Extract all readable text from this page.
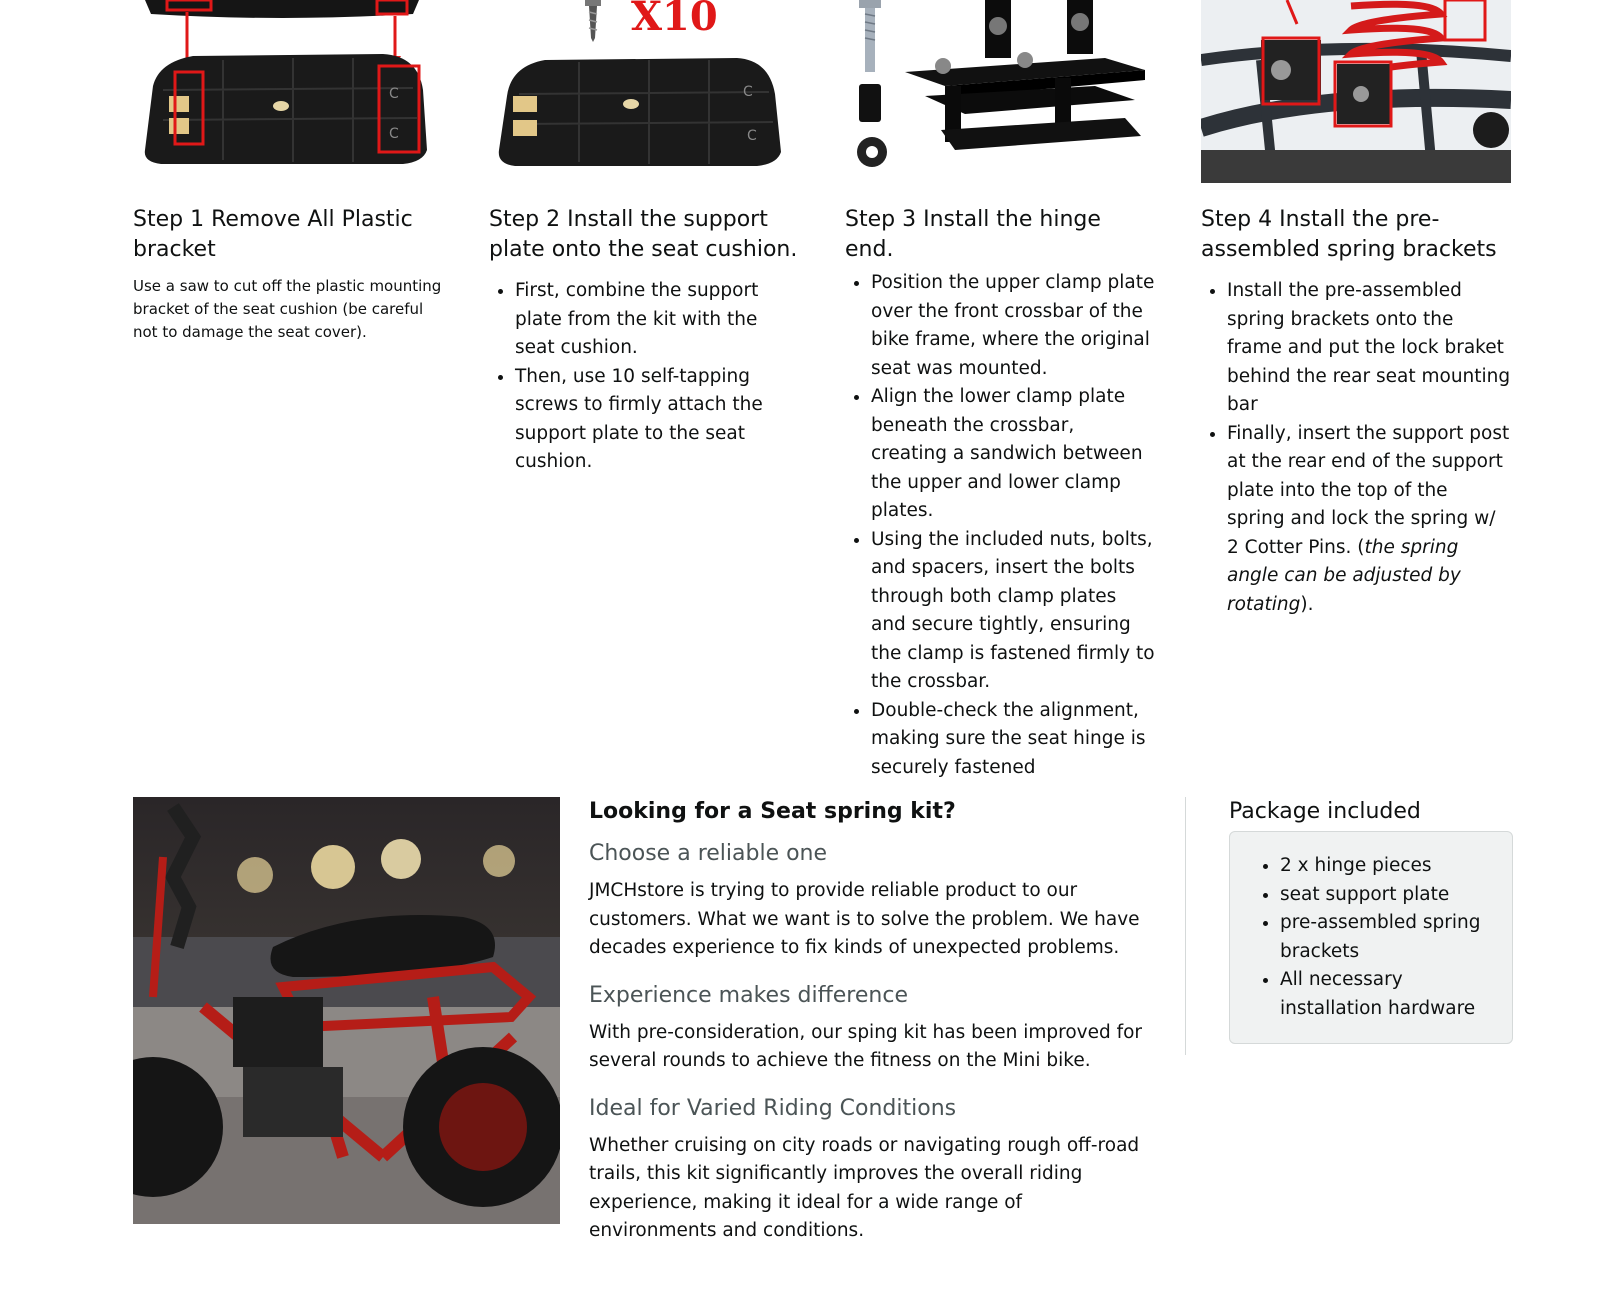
C
C
Step 1 Remove All Plastic bracket

Use a saw to cut off the plastic mounting bracket of the seat cushion (be careful not to damage the seat cover).

X10
C
C
Step 2 Install the support plate onto the seat cushion.
• First, combine the support plate from the kit with the seat cushion.
• Then, use 10 self-tapping screws to firmly attach the support plate to the seat cushion.
Step 3 Install the hinge end.
• Position the upper clamp plate over the front crossbar of the bike frame, where the original seat was mounted.
• Align the lower clamp plate beneath the crossbar, creating a sandwich between the upper and lower clamp plates.
• Using the included nuts, bolts, and spacers, insert the bolts through both clamp plates and secure tightly, ensuring the clamp is fastened firmly to the crossbar.
• Double-check the alignment, making sure the seat hinge is securely fastened
Step 4 Install the pre-assembled spring brackets
• Install the pre-assembled spring brackets onto the frame and put the lock braket behind the rear seat mounting bar
• Finally, insert the support post at the rear end of the support plate into the top of the spring and lock the spring w/ 2 Cotter Pins. (the spring angle can be adjusted by rotating).
Looking for a Seat spring kit?
Choose a reliable one

JMCHstore is trying to provide reliable product to our customers. What we want is to solve the problem. We have decades experience to fix kinds of unexpected problems.

Experience makes difference

With pre-consideration, our sping kit has been improved for several rounds to achieve the fitness on the Mini bike.

Ideal for Varied Riding Conditions

Whether cruising on city roads or navigating rough off-road trails, this kit significantly improves the overall riding experience, making it ideal for a wide range of environments and conditions.

Package included
• 2 x hinge pieces
• seat support plate
• pre-assembled spring brackets
• All necessary installation hardware
